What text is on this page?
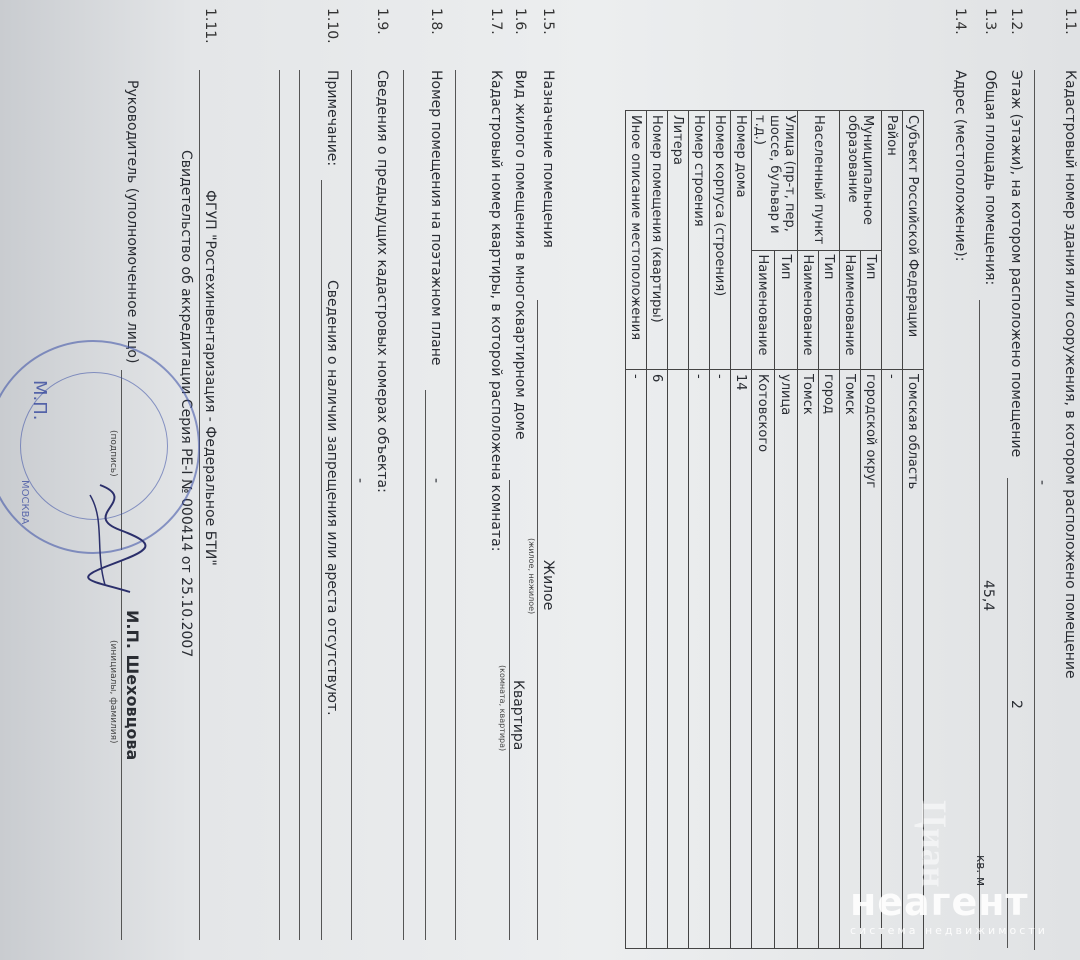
1.1.
Кадастровый номер здания или сооружения, в котором расположено помещение
-
1.2.
Этаж (этажи), на котором расположено помещение
2
1.3.
Общая площадь помещения:
45,4
кв. м
1.4.
Адрес (местоположение):
Субъект Российской Федерации		Томская область
Район		-
Муниципальное образование	Тип	городской округ
	Наименование	Томск
Населенный пункт	Тип	город
	Наименование	Томск

Улица (пр-т, пер,
шоссе, бульвар и т.д.)	Тип	улица
	Наименование	Котовского
Номер дома		14
Номер корпуса (строения)		-
Номер строения		-
Литера		
Номер помещения (квартиры)		6
Иное описание местоположения		-
1.5.
Назначение помещения
Жилое
(жилое, нежилое)
1.6.
Вид жилого помещения в многоквартирном доме
Квартира
(комната, квартира)
1.7.
Кадастровый номер квартиры, в которой расположена комната:
1.8.
Номер помещения на поэтажном плане
-
1.9.
Сведения о предыдущих кадастровых номерах объекта:
-
1.10.
Примечание:
Сведения о наличии запрещения или ареста отсутствуют.
1.11.
ФГУП "Ростехинвентаризация - Федеральное БТИ"
Свидетельство об аккредитации Серия РЕ-I № 000414 от 25.10.2007
Руководитель (уполномоченное лицо)
(подпись)
И.П. Шеховцова
(инициалы, фамилия)
М.П.
МОСКВА
неагент
система недвижимости
Циан
